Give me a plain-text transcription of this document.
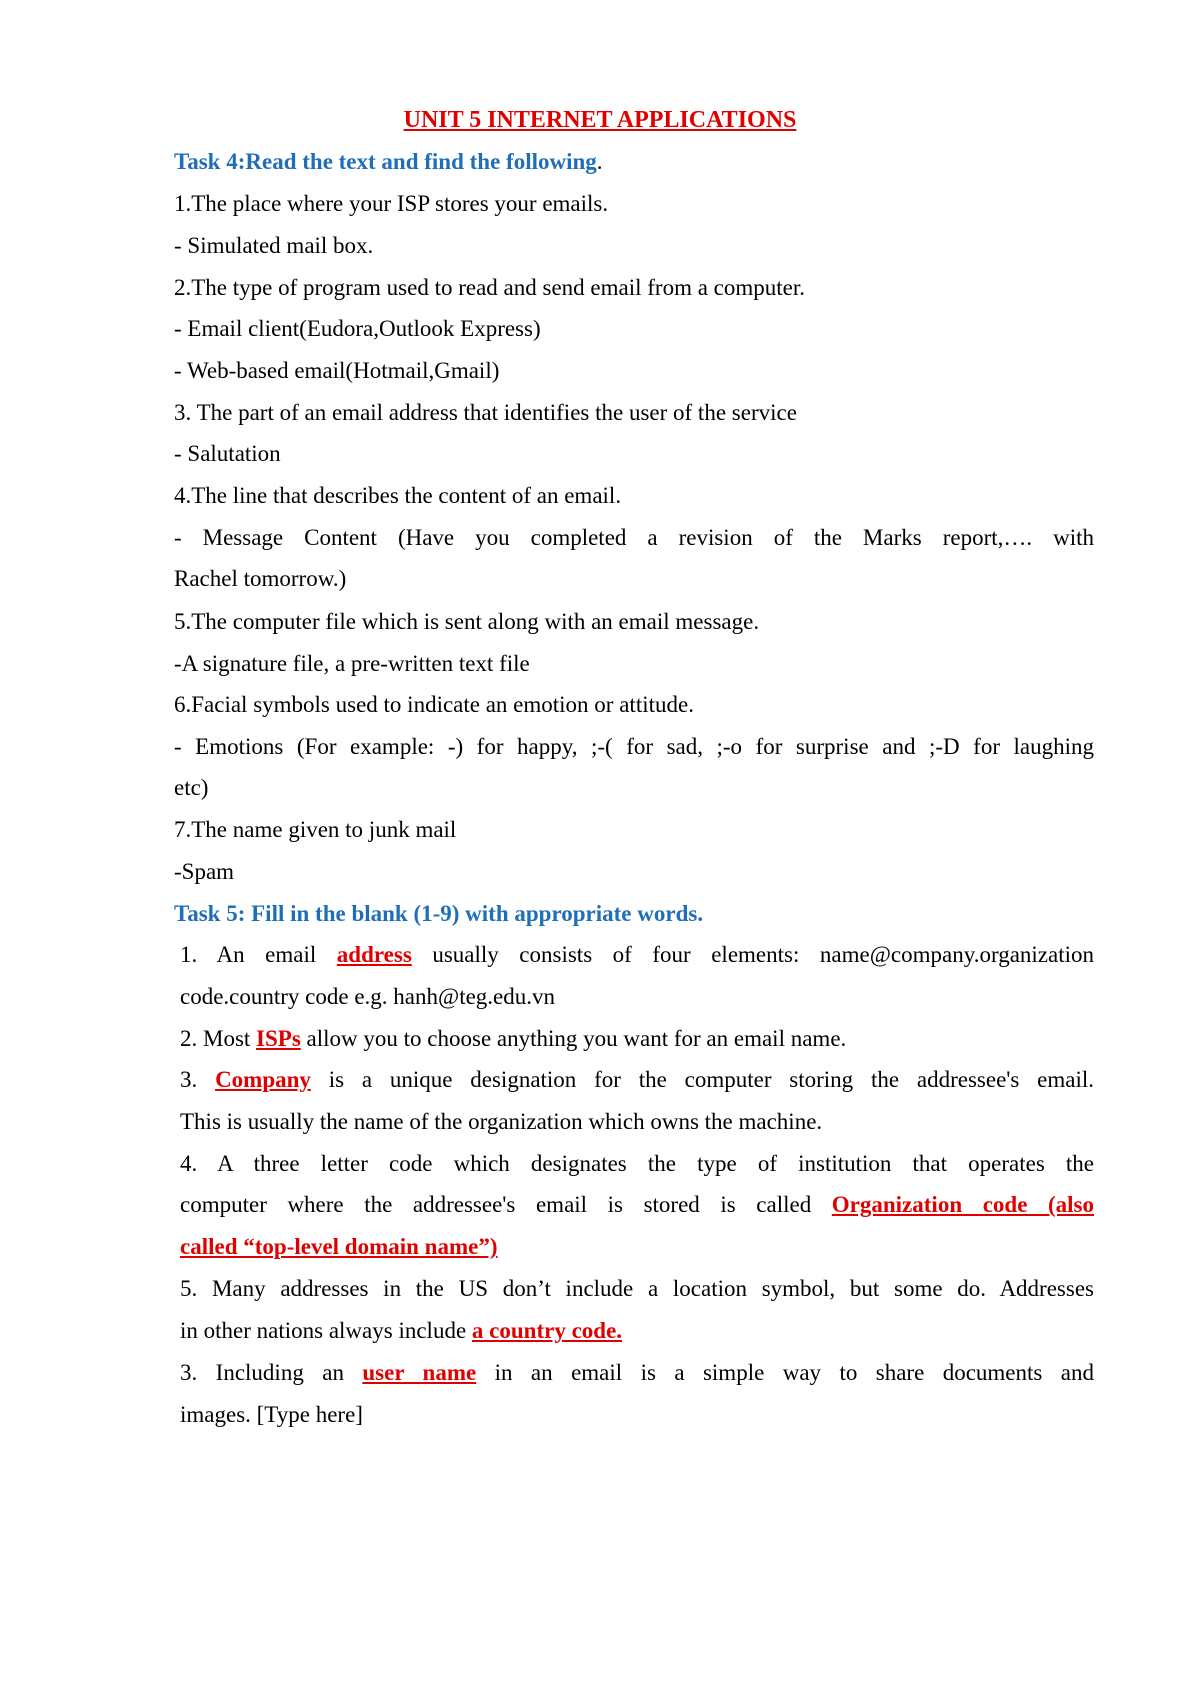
UNIT 5 INTERNET APPLICATIONS
Task 4:Read the text and find the following.
1.The place where your ISP stores your emails.
- Simulated mail box.
2.The type of program used to read and send email from a computer.
- Email client(Eudora,Outlook Express)
- Web-based email(Hotmail,Gmail)
3. The part of an email address that identifies the user of the service
- Salutation
4.The line that describes the content of an email.
- Message Content (Have you completed a revision of the Marks report,…. with
Rachel tomorrow.)
5.The computer file which is sent along with an email message.
-A signature file, a pre-written text file
6.Facial symbols used to indicate an emotion or attitude.
- Emotions (For example: -) for happy, ;-( for sad, ;-o for surprise and ;-D for laughing
etc)
7.The name given to junk mail
-Spam
Task 5: Fill in the blank (1-9) with appropriate words.
1. An email address usually consists of four elements: name@company.organization
code.country code e.g. hanh@teg.edu.vn
2. Most ISPs allow you to choose anything you want for an email name.
3. Company is a unique designation for the computer storing the addressee's email.
This is usually the name of the organization which owns the machine.
4. A three letter code which designates the type of institution that operates the
computer where the addressee's email is stored is called Organization code (also
called “top-level domain name”)
5. Many addresses in the US don’t include a location symbol, but some do. Addresses
in other nations always include a country code.
3. Including an user name in an email is a simple way to share documents and
images. [Type here]
